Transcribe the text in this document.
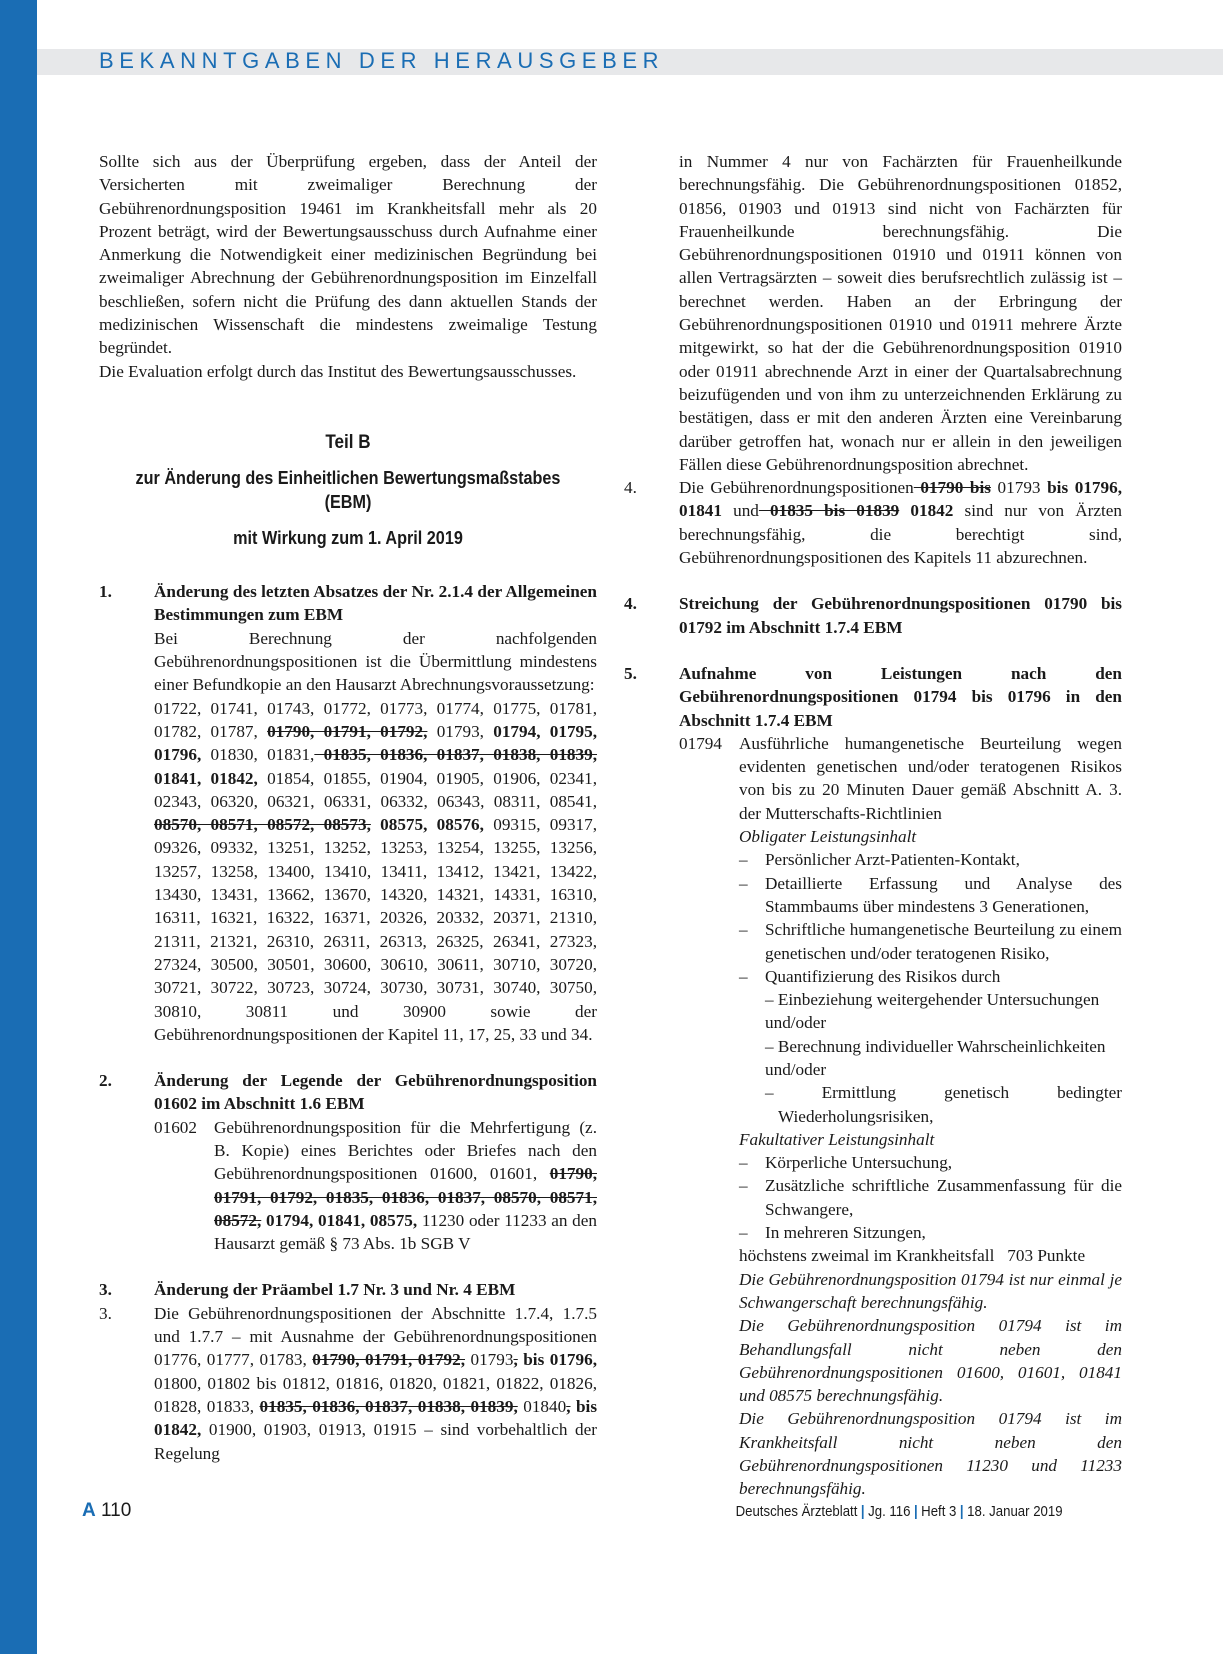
BEKANNTGABEN DER HERAUSGEBER

Sollte sich aus der Überprüfung ergeben, dass der Anteil der Versicherten mit zweimaliger Berechnung der Gebührenordnungsposition 19461 im Krankheitsfall mehr als 20 Prozent beträgt, wird der Bewertungsausschuss durch Aufnahme einer Anmerkung die Notwendigkeit einer medizinischen Begründung bei zweimaliger Abrechnung der Gebührenordnungsposition im Einzelfall beschließen, sofern nicht die Prüfung des dann aktuellen Stands der medizinischen Wissenschaft die mindestens zweimalige Testung begründet.

Die Evaluation erfolgt durch das Institut des Bewertungsausschusses.

Teil B

zur Änderung des Einheitlichen Bewertungsmaßstabes (EBM)

mit Wirkung zum 1. April 2019

1.	Änderung des letzten Absatzes der Nr. 2.1.4 der Allgemeinen Bestimmungen zum EBM

Bei Berechnung der nachfolgenden Gebührenordnungspositionen ist die Übermittlung mindestens einer Befundkopie an den Hausarzt Abrechnungsvoraussetzung:

01722, 01741, 01743, 01772, 01773, 01774, 01775, 01781, 01782, 01787, 01790, 01791, 01792, 01793, 01794, 01795, 01796, 01830, 01831, 01835, 01836, 01837, 01838, 01839, 01841, 01842, 01854, 01855, 01904, 01905, 01906, 02341, 02343, 06320, 06321, 06331, 06332, 06343, 08311, 08541, 08570, 08571, 08572, 08573, 08575, 08576, 09315, 09317, 09326, 09332, 13251, 13252, 13253, 13254, 13255, 13256, 13257, 13258, 13400, 13410, 13411, 13412, 13421, 13422, 13430, 13431, 13662, 13670, 14320, 14321, 14331, 16310, 16311, 16321, 16322, 16371, 20326, 20332, 20371, 21310, 21311, 21321, 26310, 26311, 26313, 26325, 26341, 27323, 27324, 30500, 30501, 30600, 30610, 30611, 30710, 30720, 30721, 30722, 30723, 30724, 30730, 30731, 30740, 30750, 30810, 30811 und 30900 sowie der Gebührenordnungspositionen der Kapitel 11, 17, 25, 33 und 34.

2.	Änderung der Legende der Gebührenordnungsposition 01602 im Abschnitt 1.6 EBM

01602 Gebührenordnungsposition für die Mehrfertigung (z. B. Kopie) eines Berichtes oder Briefes nach den Gebührenordnungspositionen 01600, 01601, 01790, 01791, 01792, 01835, 01836, 01837, 08570, 08571, 08572, 01794, 01841, 08575, 11230 oder 11233 an den Hausarzt gemäß § 73 Abs. 1b SGB V

3.	Änderung der Präambel 1.7 Nr. 3 und Nr. 4 EBM

3.	Die Gebührenordnungspositionen der Abschnitte 1.7.4, 1.7.5 und 1.7.7 – mit Ausnahme der Gebührenordnungspositionen 01776, 01777, 01783, 01790, 01791, 01792, 01793, bis 01796, 01800, 01802 bis 01812, 01816, 01820, 01821, 01822, 01826, 01828, 01833, 01835, 01836, 01837, 01838, 01839, 01840, bis 01842, 01900, 01903, 01913, 01915 – sind vorbehaltlich der Regelung

in Nummer 4 nur von Fachärzten für Frauenheilkunde berechnungsfähig. Die Gebührenordnungspositionen 01852, 01856, 01903 und 01913 sind nicht von Fachärzten für Frauenheilkunde berechnungsfähig. Die Gebührenordnungspositionen 01910 und 01911 können von allen Vertragsärzten – soweit dies berufsrechtlich zulässig ist – berechnet werden. Haben an der Erbringung der Gebührenordnungspositionen 01910 und 01911 mehrere Ärzte mitgewirkt, so hat der die Gebührenordnungsposition 01910 oder 01911 abrechnende Arzt in einer der Quartalsabrechnung beizufügenden und von ihm zu unterzeichnenden Erklärung zu bestätigen, dass er mit den anderen Ärzten eine Vereinbarung darüber getroffen hat, wonach nur er allein in den jeweiligen Fällen diese Gebührenordnungsposition abrechnet.

4.	Die Gebührenordnungspositionen 01790 bis 01793 bis 01796, 01841 und 01835 bis 01839 01842 sind nur von Ärzten berechnungsfähig, die berechtigt sind, Gebührenordnungspositionen des Kapitels 11 abzurechnen.

4.	Streichung der Gebührenordnungspositionen 01790 bis 01792 im Abschnitt 1.7.4 EBM

5.	Aufnahme von Leistungen nach den Gebührenordnungspositionen 01794 bis 01796 in den Abschnitt 1.7.4 EBM

01794 Ausführliche humangenetische Beurteilung wegen evidenten genetischen und/oder teratogenen Risikos von bis zu 20 Minuten Dauer gemäß Abschnitt A. 3. der Mutterschafts-Richtlinien

Obligater Leistungsinhalt

–	Persönlicher Arzt-Patienten-Kontakt,
–	Detaillierte Erfassung und Analyse des Stammbaums über mindestens 3 Generationen,
–	Schriftliche humangenetische Beurteilung zu einem genetischen und/oder teratogenen Risiko,
–	Quantifizierung des Risikos durch
– Einbeziehung weitergehender Untersuchungen

und/oder

– Berechnung individueller Wahrscheinlichkeiten

und/oder

– Ermittlung genetisch bedingter Wiederholungsrisiken,

Fakultativer Leistungsinhalt

–	Körperliche Untersuchung,
–	Zusätzliche schriftliche Zusammenfassung für die Schwangere,
–	In mehreren Sitzungen,

höchstens zweimal im Krankheitsfall 703 Punkte

Die Gebührenordnungsposition 01794 ist nur einmal je Schwangerschaft berechnungsfähig.

Die Gebührenordnungsposition 01794 ist im Behandlungsfall nicht neben den Gebührenordnungspositionen 01600, 01601, 01841 und 08575 berechnungsfähig.

Die Gebührenordnungsposition 01794 ist im Krankheitsfall nicht neben den Gebührenordnungspositionen 11230 und 11233 berechnungsfähig.

A 110	Deutsches Ärzteblatt | Jg. 116 | Heft 3 | 18. Januar 2019
